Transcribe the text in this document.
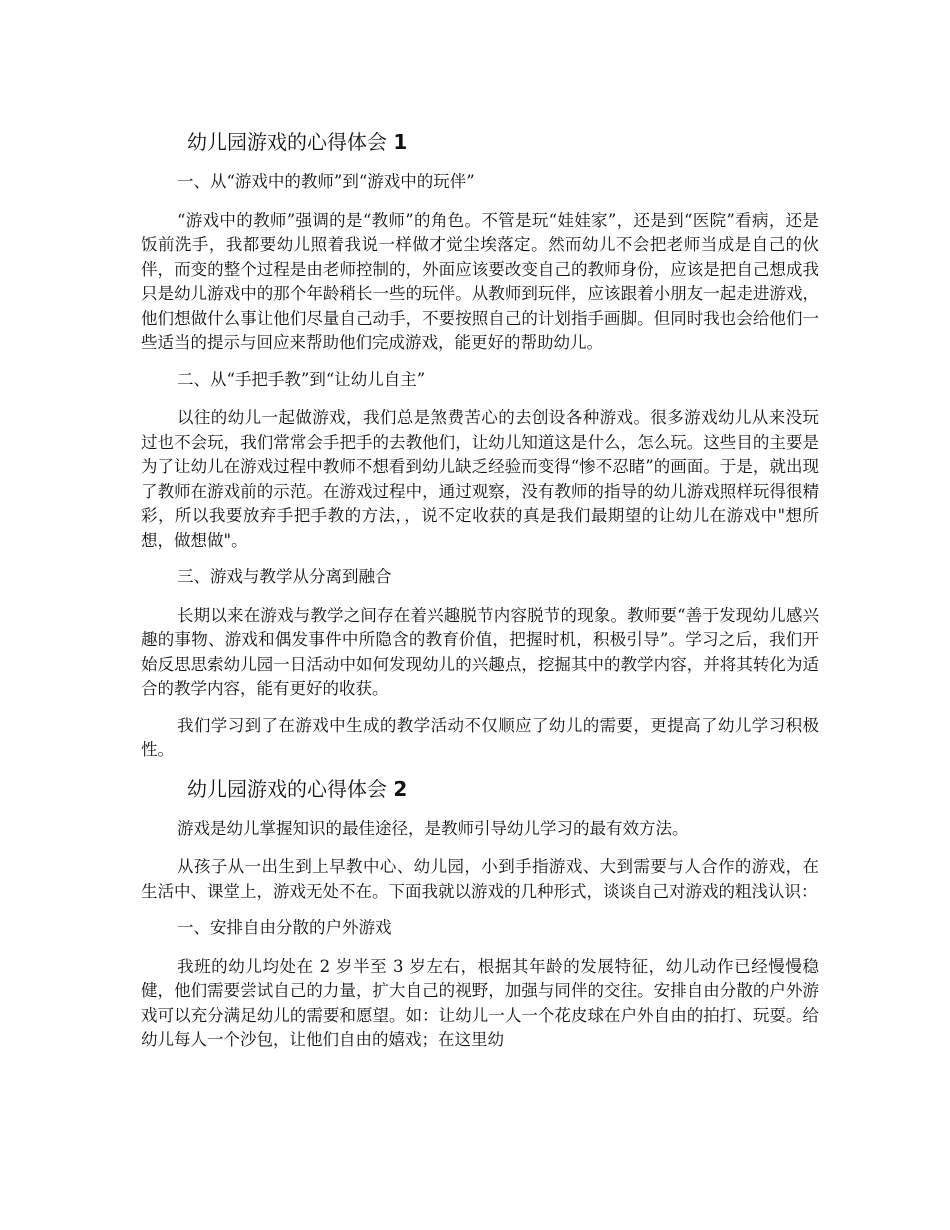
幼儿园游戏的心得体会 1

一、从“游戏中的教师”到“游戏中的玩伴”

“游戏中的教师”强调的是“教师”的角色。不管是玩“娃娃家”，还是到“医院”看病，还是饭前洗手，我都要幼儿照着我说一样做才觉尘埃落定。然而幼儿不会把老师当成是自己的伙伴，而变的整个过程是由老师控制的，外面应该要改变自己的教师身份，应该是把自己想成我只是幼儿游戏中的那个年龄稍长一些的玩伴。从教师到玩伴，应该跟着小朋友一起走进游戏，他们想做什么事让他们尽量自己动手，不要按照自己的计划指手画脚。但同时我也会给他们一些适当的提示与回应来帮助他们完成游戏，能更好的帮助幼儿。

二、从“手把手教”到“让幼儿自主”

以往的幼儿一起做游戏，我们总是煞费苦心的去创设各种游戏。很多游戏幼儿从来没玩过也不会玩，我们常常会手把手的去教他们，让幼儿知道这是什么，怎么玩。这些目的主要是为了让幼儿在游戏过程中教师不想看到幼儿缺乏经验而变得“惨不忍睹”的画面。于是，就出现了教师在游戏前的示范。在游戏过程中，通过观察，没有教师的指导的幼儿游戏照样玩得很精彩，所以我要放弃手把手教的方法，，说不定收获的真是我们最期望的让幼儿在游戏中"想所想，做想做"。

三、游戏与教学从分离到融合

长期以来在游戏与教学之间存在着兴趣脱节内容脱节的现象。教师要“善于发现幼儿感兴趣的事物、游戏和偶发事件中所隐含的教育价值，把握时机，积极引导”。学习之后，我们开始反思思索幼儿园一日活动中如何发现幼儿的兴趣点，挖掘其中的教学内容，并将其转化为适合的教学内容，能有更好的收获。

我们学习到了在游戏中生成的教学活动不仅顺应了幼儿的需要，更提高了幼儿学习积极性。

幼儿园游戏的心得体会 2

游戏是幼儿掌握知识的最佳途径，是教师引导幼儿学习的最有效方法。

从孩子从一出生到上早教中心、幼儿园，小到手指游戏、大到需要与人合作的游戏，在生活中、课堂上，游戏无处不在。下面我就以游戏的几种形式，谈谈自己对游戏的粗浅认识：

一、安排自由分散的户外游戏

我班的幼儿均处在 2 岁半至 3 岁左右，根据其年龄的发展特征，幼儿动作已经慢慢稳健，他们需要尝试自己的力量，扩大自己的视野，加强与同伴的交往。安排自由分散的户外游戏可以充分满足幼儿的需要和愿望。如：让幼儿一人一个花皮球在户外自由的拍打、玩耍。给幼儿每人一个沙包，让他们自由的嬉戏；在这里幼
